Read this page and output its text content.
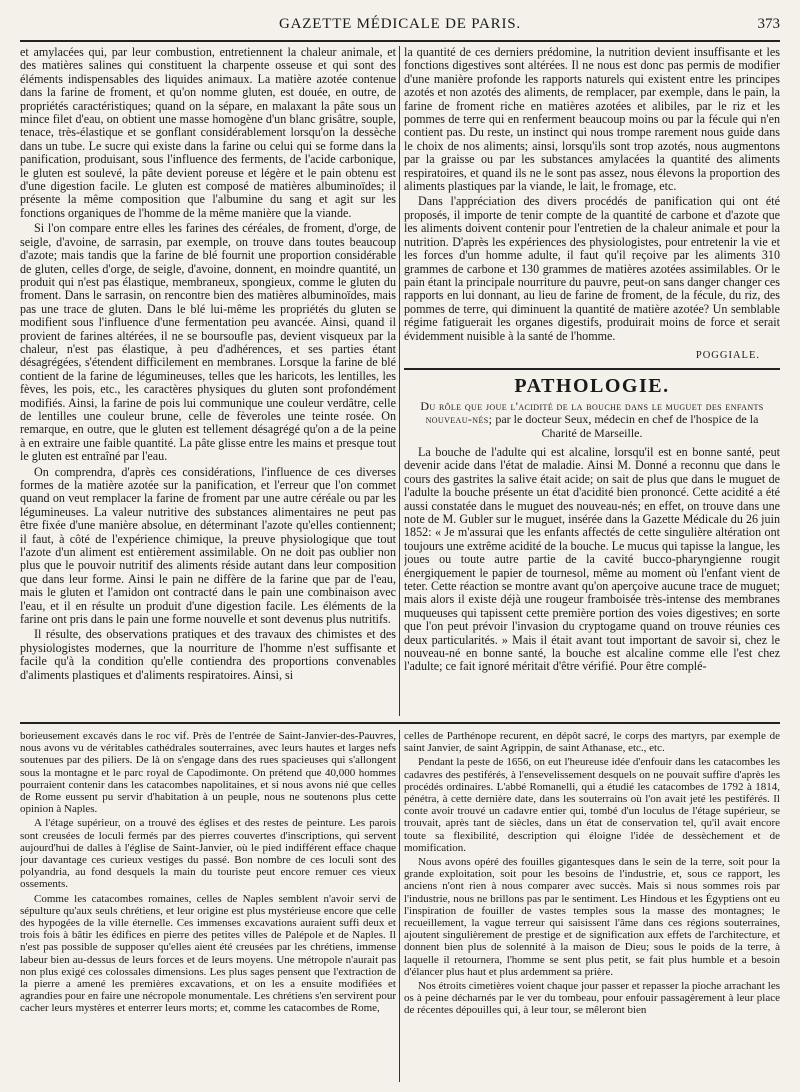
GAZETTE MÉDICALE DE PARIS.	373

et amylacées qui, par leur combustion, entretiennent la chaleur animale, et des matières salines qui constituent la charpente osseuse et qui sont des éléments indispensables des liquides animaux. La matière azotée contenue dans la farine de froment, et qu'on nomme gluten, est douée, en outre, de propriétés caractéristiques; quand on la sépare, en malaxant la pâte sous un mince filet d'eau, on obtient une masse homogène d'un blanc grisâtre, souple, tenace, très-élastique et se gonflant considérablement lorsqu'on la dessèche dans un tube. Le sucre qui existe dans la farine ou celui qui se forme dans la panification, produisant, sous l'influence des ferments, de l'acide carbonique, le gluten est soulevé, la pâte devient poreuse et légère et le pain obtenu est d'une digestion facile. Le gluten est composé de matières albuminoïdes; il présente la même composition que l'albumine du sang et agit sur les fonctions organiques de l'homme de la même manière que la viande.

Si l'on compare entre elles les farines des céréales, de froment, d'orge, de seigle, d'avoine, de sarrasin, par exemple, on trouve dans toutes beaucoup d'azote; mais tandis que la farine de blé fournit une proportion considérable de gluten, celles d'orge, de seigle, d'avoine, donnent, en moindre quantité, un produit qui n'est pas élastique, membraneux, spongieux, comme le gluten du froment. Dans le sarrasin, on rencontre bien des matières albuminoïdes, mais pas une trace de gluten. Dans le blé lui-même les propriétés du gluten se modifient sous l'influence d'une fermentation peu avancée. Ainsi, quand il provient de farines altérées, il ne se boursoufle pas, devient visqueux par la chaleur, n'est pas élastique, à peu d'adhérences, et ses parties étant désagrégées, s'étendent difficilement en membranes. Lorsque la farine de blé contient de la farine de légumineuses, telles que les haricots, les lentilles, les fèves, les pois, etc., les caractères physiques du gluten sont profondément modifiés. Ainsi, la farine de pois lui communique une couleur verdâtre, celle de lentilles une couleur brune, celle de fèveroles une teinte rosée. On remarque, en outre, que le gluten est tellement désagrégé qu'on a de la peine à en extraire une faible quantité. La pâte glisse entre les mains et presque tout le gluten est entraîné par l'eau.

On comprendra, d'après ces considérations, l'influence de ces diverses formes de la matière azotée sur la panification, et l'erreur que l'on commet quand on veut remplacer la farine de froment par une autre céréale ou par les légumineuses. La valeur nutritive des substances alimentaires ne peut pas être fixée d'une manière absolue, en déterminant l'azote qu'elles contiennent; il faut, à côté de l'expérience chimique, la preuve physiologique que tout l'azote d'un aliment est entièrement assimilable. On ne doit pas oublier non plus que le pouvoir nutritif des aliments réside autant dans leur composition que dans leur forme. Ainsi le pain ne diffère de la farine que par de l'eau, mais le gluten et l'amidon ont contracté dans le pain une combinaison avec l'eau, et il en résulte un produit d'une digestion facile. Les éléments de la farine ont pris dans le pain une forme nouvelle et sont devenus plus nutritifs.

Il résulte, des observations pratiques et des travaux des chimistes et des physiologistes modernes, que la nourriture de l'homme n'est suffisante et facile qu'à la condition qu'elle contiendra des proportions convenables d'aliments plastiques et d'aliments respiratoires. Ainsi, si

la quantité de ces derniers prédomine, la nutrition devient insuffisante et les fonctions digestives sont altérées. Il ne nous est donc pas permis de modifier d'une manière profonde les rapports naturels qui existent entre les principes azotés et non azotés des aliments, de remplacer, par exemple, dans le pain, la farine de froment riche en matières azotées et alibiles, par le riz et les pommes de terre qui en renferment beaucoup moins ou par la fécule qui n'en contient pas. Du reste, un instinct qui nous trompe rarement nous guide dans le choix de nos aliments; ainsi, lorsqu'ils sont trop azotés, nous augmentons par la graisse ou par les substances amylacées la quantité des aliments respiratoires, et quand ils ne le sont pas assez, nous élevons la proportion des aliments plastiques par la viande, le lait, le fromage, etc.

Dans l'appréciation des divers procédés de panification qui ont été proposés, il importe de tenir compte de la quantité de carbone et d'azote que les aliments doivent contenir pour l'entretien de la chaleur animale et pour la nutrition. D'après les expériences des physiologistes, pour entretenir la vie et les forces d'un homme adulte, il faut qu'il reçoive par les aliments 310 grammes de carbone et 130 grammes de matières azotées assimilables. Or le pain étant la principale nourriture du pauvre, peut-on sans danger changer ces rapports en lui donnant, au lieu de farine de froment, de la fécule, du riz, des pommes de terre, qui diminuent la quantité de matière azotée? Un semblable régime fatiguerait les organes digestifs, produirait moins de force et serait évidemment nuisible à la santé de l'homme.

POGGIALE.
PATHOLOGIE.
Du rôle que joue l'acidité de la bouche dans le muguet des enfants nouveau-nés; par le docteur Seux, médecin en chef de l'hospice de la Charité de Marseille.

La bouche de l'adulte qui est alcaline, lorsqu'il est en bonne santé, peut devenir acide dans l'état de maladie. Ainsi M. Donné a reconnu que dans le cours des gastrites la salive était acide; on sait de plus que dans le muguet de l'adulte la bouche présente un état d'acidité bien prononcé. Cette acidité a été aussi constatée dans le muguet des nouveau-nés; en effet, on trouve dans une note de M. Gubler sur le muguet, insérée dans la Gazette Médicale du 26 juin 1852: « Je m'assurai que les enfants affectés de cette singulière altération ont toujours une extrême acidité de la bouche. Le mucus qui tapisse la langue, les joues ou toute autre partie de la cavité bucco-pharyngienne rougit énergiquement le papier de tournesol, même au moment où l'enfant vient de teter. Cette réaction se montre avant qu'on aperçoive aucune trace de muguet; mais alors il existe déjà une rougeur framboisée très-intense des membranes muqueuses qui tapissent cette première portion des voies digestives; en sorte que l'on peut prévoir l'invasion du cryptogame quand on trouve réunies ces deux particularités. » Mais il était avant tout important de savoir si, chez le nouveau-né en bonne santé, la bouche est alcaline comme elle l'est chez l'adulte; ce fait ignoré méritait d'être vérifié. Pour être complé-

borieusement excavés dans le roc vif. Près de l'entrée de Saint-Janvier-des-Pauvres, nous avons vu de véritables cathédrales souterraines, avec leurs hautes et larges nefs soutenues par des piliers. De là on s'engage dans des rues spacieuses qui s'allongent sous la montagne et le parc royal de Capodimonte. On prétend que 40,000 hommes pourraient contenir dans les catacombes napolitaines, et si nous avons nié que celles de Rome eussent pu servir d'habitation à un peuple, nous ne soutenons plus cette opinion à Naples.

A l'étage supérieur, on a trouvé des églises et des restes de peinture. Les parois sont creusées de loculi fermés par des pierres couvertes d'inscriptions, qui servent aujourd'hui de dalles à l'église de Saint-Janvier, où le pied indifférent efface chaque jour davantage ces curieux vestiges du passé. Bon nombre de ces loculi sont des polyandria, au fond desquels la main du touriste peut encore remuer ces vieux ossements.

Comme les catacombes romaines, celles de Naples semblent n'avoir servi de sépulture qu'aux seuls chrétiens, et leur origine est plus mystérieuse encore que celle des hypogées de la ville éternelle. Ces immenses excavations auraient suffi deux et trois fois à bâtir les édifices en pierre des petites villes de Palépole et de Naples. Il n'est pas possible de supposer qu'elles aient été creusées par les chrétiens, immense labeur bien au-dessus de leurs forces et de leurs moyens. Une métropole n'aurait pas non plus exigé ces colossales dimensions. Les plus sages pensent que l'extraction de la pierre a amené les premières excavations, et on les a ensuite modifiées et agrandies pour en faire une nécropole monumentale. Les chrétiens s'en servirent pour cacher leurs mystères et enterrer leurs morts; et, comme les catacombes de Rome,

celles de Parthénope recurent, en dépôt sacré, le corps des martyrs, par exemple de saint Janvier, de saint Agrippin, de saint Athanase, etc., etc.

Pendant la peste de 1656, on eut l'heureuse idée d'enfouir dans les catacombes les cadavres des pestiférés, à l'ensevelissement desquels on ne pouvait suffire d'après les procédés ordinaires. L'abbé Romanelli, qui a étudié les catacombes de 1792 à 1814, pénétra, à cette dernière date, dans les souterrains où l'on avait jeté les pestiférés. Il conte avoir trouvé un cadavre entier qui, tombé d'un loculus de l'étage supérieur, se trouvait, après tant de siècles, dans un état de conservation tel, qu'il avait encore toute sa flexibilité, description qui éloigne l'idée de dessèchement et de momification.

Nous avons opéré des fouilles gigantesques dans le sein de la terre, soit pour la grande exploitation, soit pour les besoins de l'industrie, et, sous ce rapport, les anciens n'ont rien à nous comparer avec succès. Mais si nous sommes rois par l'industrie, nous ne brillons pas par le sentiment. Les Hindous et les Égyptiens ont eu l'inspiration de fouiller de vastes temples sous la masse des montagnes; le recueillement, la vague terreur qui saisissent l'âme dans ces régions souterraines, ajoutent singulièrement de prestige et de signification aux effets de l'architecture, et donnent bien plus de solennité à la maison de Dieu; sous le poids de la terre, à laquelle il retournera, l'homme se sent plus petit, se fait plus humble et a besoin d'élancer plus haut et plus ardemment sa prière.

Nos étroits cimetières voient chaque jour passer et repasser la pioche arrachant les os à peine décharnés par le ver du tombeau, pour enfouir passagèrement à leur place de récentes dépouilles qui, à leur tour, se mêleront bien
